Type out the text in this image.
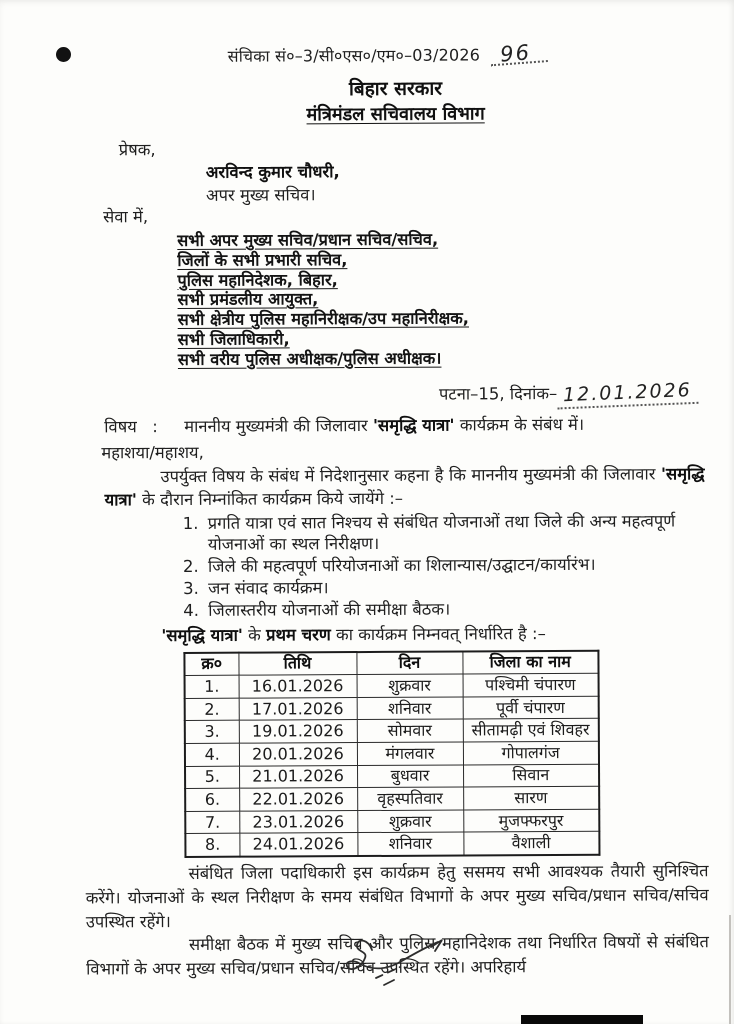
संचिका सं०–3/सी०एस०/एम०–03/2026 96
बिहार सरकार
मंत्रिमंडल सचिवालय विभाग
प्रेषक,
अरविन्द कुमार चौधरी,
अपर मुख्य सचिव।
सेवा में,
सभी अपर मुख्य सचिव/प्रधान सचिव/सचिव,
जिलों के सभी प्रभारी सचिव,
पुलिस महानिदेशक, बिहार,
सभी प्रमंडलीय आयुक्त,
सभी क्षेत्रीय पुलिस महानिरीक्षक/उप महानिरीक्षक,
सभी जिलाधिकारी,
सभी वरीय पुलिस अधीक्षक/पुलिस अधीक्षक।
पटना–15, दिनांक– 12.01.2026
विषय :	माननीय मुख्यमंत्री की जिलावार 'समृद्धि यात्रा' कार्यक्रम के संबंध में।
महाशया/महाशय,
उपर्युक्त विषय के संबंध में निदेशानुसार कहना है कि माननीय मुख्यमंत्री की जिलावार 'समृद्धि यात्रा' के दौरान निम्नांकित कार्यक्रम किये जायेंगे :–
प्रगति यात्रा एवं सात निश्चय से संबंधित योजनाओं तथा जिले की अन्य महत्वपूर्ण योजनाओं का स्थल निरीक्षण।
जिले की महत्वपूर्ण परियोजनाओं का शिलान्यास/उद्घाटन/कार्यारंभ।
जन संवाद कार्यक्रम।
जिलास्तरीय योजनाओं की समीक्षा बैठक।
'समृद्धि यात्रा' के प्रथम चरण का कार्यक्रम निम्नवत् निर्धारित है :–
क्र०	तिथि	दिन	जिला का नाम
1.	16.01.2026	शुक्रवार	पश्चिमी चंपारण
2.	17.01.2026	शनिवार	पूर्वी चंपारण
3.	19.01.2026	सोमवार	सीतामढ़ी एवं शिवहर
4.	20.01.2026	मंगलवार	गोपालगंज
5.	21.01.2026	बुधवार	सिवान
6.	22.01.2026	वृहस्पतिवार	सारण
7.	23.01.2026	शुक्रवार	मुजफ्फरपुर
8.	24.01.2026	शनिवार	वैशाली
संबंधित जिला पदाधिकारी इस कार्यक्रम हेतु ससमय सभी आवश्यक तैयारी सुनिश्चित करेंगे। योजनाओं के स्थल निरीक्षण के समय संबंधित विभागों के अपर मुख्य सचिव/प्रधान सचिव/सचिव उपस्थित रहेंगे।
समीक्षा बैठक में मुख्य सचिव और पुलिस महानिदेशक तथा निर्धारित विषयों से संबंधित विभागों के अपर मुख्य सचिव/प्रधान सचिव/सचिव उपस्थित रहेंगे। अपरिहार्य
